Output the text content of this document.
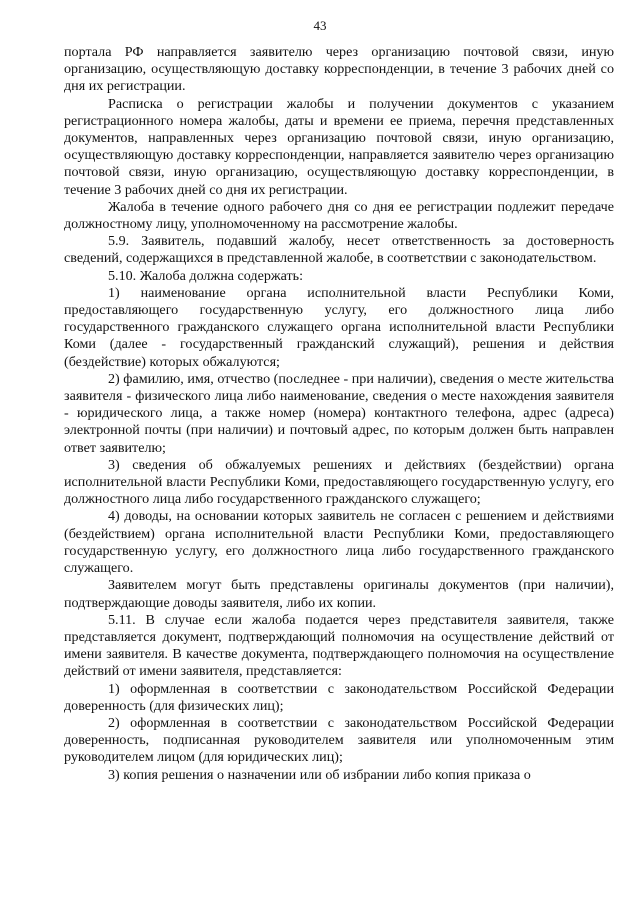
43

портала РФ направляется заявителю через организацию почтовой связи, иную организацию, осуществляющую доставку корреспонденции, в течение 3 рабочих дней со дня их регистрации.

Расписка о регистрации жалобы и получении документов с указанием регистрационного номера жалобы, даты и времени ее приема, перечня представленных документов, направленных через организацию почтовой связи, иную организацию, осуществляющую доставку корреспонденции, направляется заявителю через организацию почтовой связи, иную организацию, осуществляющую доставку корреспонденции, в течение 3 рабочих дней со дня их регистрации.

Жалоба в течение одного рабочего дня со дня ее регистрации подлежит передаче должностному лицу, уполномоченному на рассмотрение жалобы.

5.9. Заявитель, подавший жалобу, несет ответственность за достоверность сведений, содержащихся в представленной жалобе, в соответствии с законодательством.

5.10. Жалоба должна содержать:

1) наименование органа исполнительной власти Республики Коми, предоставляющего государственную услугу, его должностного лица либо государственного гражданского служащего органа исполнительной власти Республики Коми (далее - государственный гражданский служащий), решения и действия (бездействие) которых обжалуются;

2) фамилию, имя, отчество (последнее - при наличии), сведения о месте жительства заявителя - физического лица либо наименование, сведения о месте нахождения заявителя - юридического лица, а также номер (номера) контактного телефона, адрес (адреса) электронной почты (при наличии) и почтовый адрес, по которым должен быть направлен ответ заявителю;

3) сведения об обжалуемых решениях и действиях (бездействии) органа исполнительной власти Республики Коми, предоставляющего государственную услугу, его должностного лица либо государственного гражданского служащего;

4) доводы, на основании которых заявитель не согласен с решением и действиями (бездействием) органа исполнительной власти Республики Коми, предоставляющего государственную услугу, его должностного лица либо государственного гражданского служащего.

Заявителем могут быть представлены оригиналы документов (при наличии), подтверждающие доводы заявителя, либо их копии.

5.11. В случае если жалоба подается через представителя заявителя, также представляется документ, подтверждающий полномочия на осуществление действий от имени заявителя. В качестве документа, подтверждающего полномочия на осуществление действий от имени заявителя, представляется:

1) оформленная в соответствии с законодательством Российской Федерации доверенность (для физических лиц);

2) оформленная в соответствии с законодательством Российской Федерации доверенность, подписанная руководителем заявителя или уполномоченным этим руководителем лицом (для юридических лиц);

3) копия решения о назначении или об избрании либо копия приказа о
